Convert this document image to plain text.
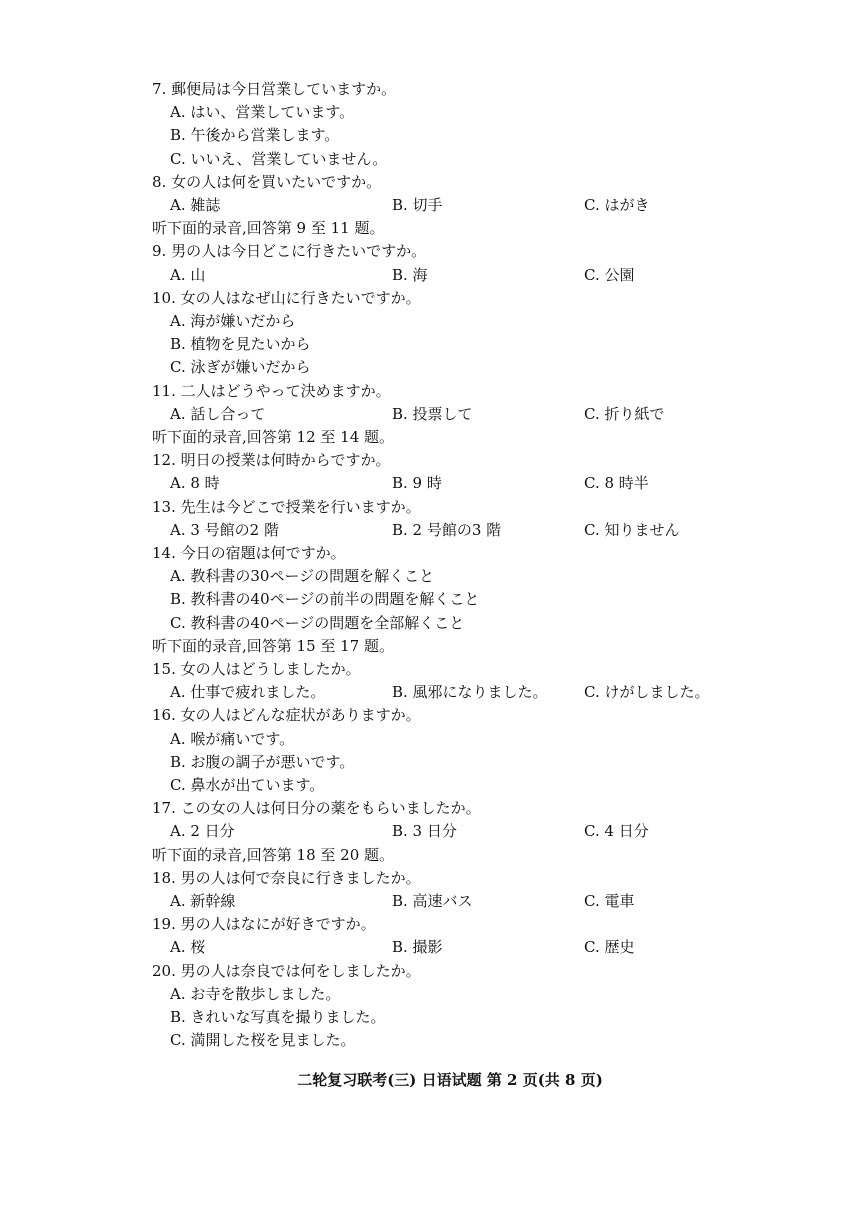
二轮复习联考(三) 日语试题 第 2 页(共 8 页)
7. 郵便局は今日営業していますか。
A. はい、営業しています。
B. 午後から営業します。
C. いいえ、営業していません。
8. 女の人は何を買いたいですか。
A. 雑誌	B. 切手	C. はがき
听下面的录音,回答第 9 至 11 题。
9. 男の人は今日どこに行きたいですか。
A. 山	B. 海	C. 公園
10. 女の人はなぜ山に行きたいですか。
A. 海が嫌いだから
B. 植物を見たいから
C. 泳ぎが嫌いだから
11. 二人はどうやって決めますか。
A. 話し合って	B. 投票して	C. 折り紙で
听下面的录音,回答第 12 至 14 题。
12. 明日の授業は何時からですか。
A. 8 時	B. 9 時	C. 8 時半
13. 先生は今どこで授業を行いますか。
A. 3 号館の2 階	B. 2 号館の3 階	C. 知りません
14. 今日の宿題は何ですか。
A. 教科書の30ページの問題を解くこと
B. 教科書の40ページの前半の問題を解くこと
C. 教科書の40ページの問題を全部解くこと
听下面的录音,回答第 15 至 17 题。
15. 女の人はどうしましたか。
A. 仕事で疲れました。	B. 風邪になりました。 C. けがしました。
16. 女の人はどんな症状がありますか。
A. 喉が痛いです。
B. お腹の調子が悪いです。
C. 鼻水が出ています。
17. この女の人は何日分の薬をもらいましたか。
A. 2 日分	B. 3 日分	C. 4 日分
听下面的录音,回答第 18 至 20 题。
18. 男の人は何で奈良に行きましたか。
A. 新幹線	B. 高速バス	C. 電車
19. 男の人はなにが好きですか。
A. 桜	B. 撮影	C. 歴史
20. 男の人は奈良では何をしましたか。
A. お寺を散歩しました。
B. きれいな写真を撮りました。
C. 満開した桜を見ました。
